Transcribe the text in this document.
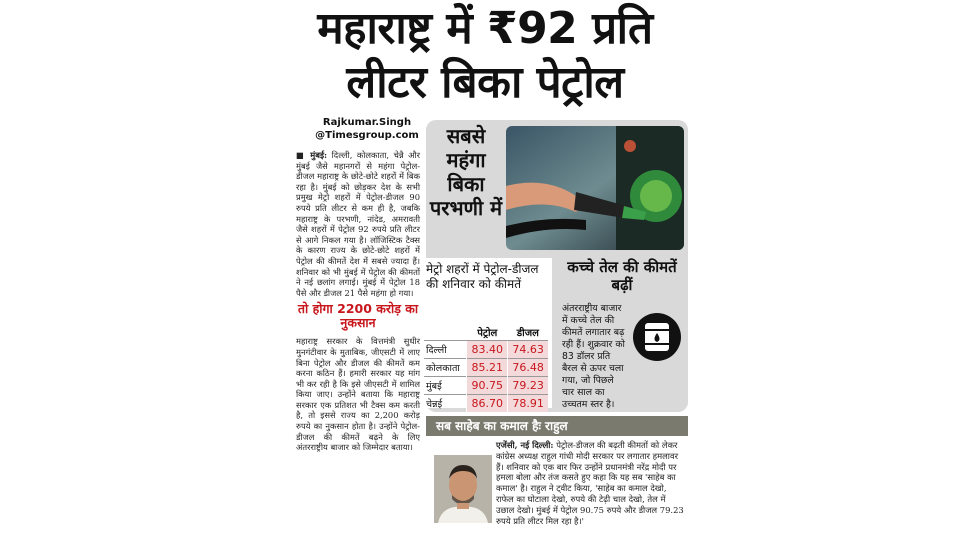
महाराष्ट्र में ₹92 प्रति
लीटर बिका पेट्रोल
Rajkumar.Singh
@Timesgroup.com

■ मुंबई: दिल्ली, कोलकाता, चेन्नै और मुंबई जैसे महानगरों से महंगा पेट्रोल-डीजल महाराष्ट्र के छोटे-छोटे शहरों में बिक रहा है। मुंबई को छोड़कर देश के सभी प्रमुख मेट्रो शहरों में पेट्रोल-डीजल 90 रुपये प्रति लीटर से कम ही है, जबकि महाराष्ट्र के परभणी, नांदेड, अमरावती जैसे शहरों में पेट्रोल 92 रुपये प्रति लीटर से आगे निकल गया है। लॉजिस्टिक टैक्स के कारण राज्य के छोटे-छोटे शहरों में पेट्रोल की कीमतें देश में सबसे ज्यादा हैं। शनिवार को भी मुंबई में पेट्रोल की कीमतों ने नई छलांग लगाई। मुंबई में पेट्रोल 18 पैसे और डीजल 21 पैसे महंगा हो गया।

तो होगा 2200 करोड़ का नुकसान

महाराष्ट्र सरकार के वित्तमंत्री सुधीर मुनगंटीवार के मुताबिक, जीएसटी में लाए बिना पेट्रोल और डीजल की कीमतें कम करना कठिन हैं। हमारी सरकार यह मांग भी कर रही है कि इसे जीएसटी में शामिल किया जाए। उन्होंने बताया कि महाराष्ट्र सरकार एक प्रतिशत भी टैक्स कम करती है, तो इससे राज्य का 2,200 करोड़ रुपये का नुकसान होता है। उन्होंने पेट्रोल-डीजल की कीमतें बढ़ने के लिए अंतरराष्ट्रीय बाजार को जिम्मेदार बताया।

सबसे महंगा बिका परभणी में
मेट्रो शहरों में पेट्रोल-डीजल की शनिवार को कीमतें
	पेट्रोल	डीजल
दिल्ली	83.40	74.63
कोलकाता	85.21	76.48
मुंबई	90.75	79.23
चेन्नई	86.70	78.91
कच्चे तेल की कीमतें बढ़ीं
अंतरराष्ट्रीय बाजार में कच्चे तेल की कीमतें लगातार बढ़ रही हैं। शुक्रवार को 83 डॉलर प्रति बैरल से ऊपर चला गया, जो पिछले चार साल का उच्चतम स्तर है।
सब साहेब का कमाल हैः राहुल
एजेंसी, नई दिल्ली: पेट्रोल-डीजल की बढ़ती कीमतों को लेकर कांग्रेस अध्यक्ष राहुल गांधी मोदी सरकार पर लगातार हमलावर हैं। शनिवार को एक बार फिर उन्होंने प्रधानमंत्री नरेंद्र मोदी पर हमला बोला और तंज कसते हुए कहा कि यह सब 'साहेब का कमाल' है। राहुल ने ट्वीट किया, 'साहेब का कमाल देखो, राफेल का घोटाला देखो, रुपये की टेढ़ी चाल देखो, तेल में उछाल देखो। मुंबई में पेट्रोल 90.75 रुपये और डीजल 79.23 रुपये प्रति लीटर मिल रहा है।'
